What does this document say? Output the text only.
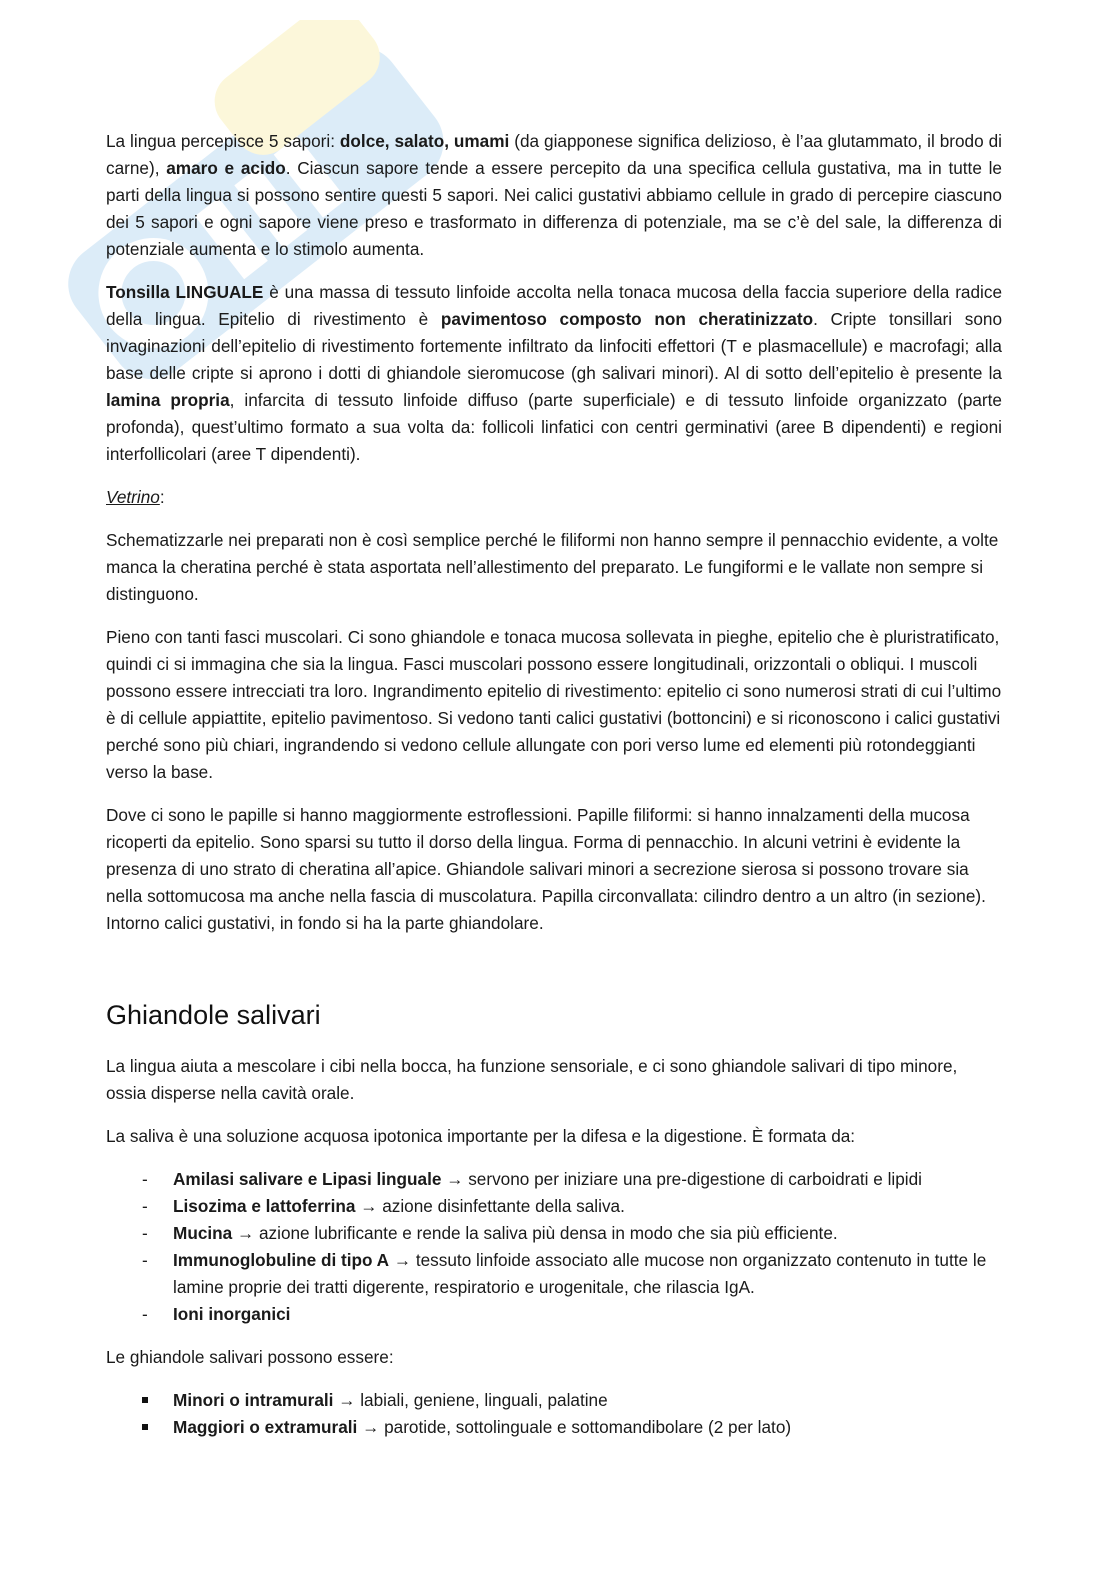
La lingua percepisce 5 sapori: dolce, salato, umami (da giapponese significa delizioso, è l’aa glutammato, il brodo di carne), amaro e acido. Ciascun sapore tende a essere percepito da una specifica cellula gustativa, ma in tutte le parti della lingua si possono sentire questi 5 sapori. Nei calici gustativi abbiamo cellule in grado di percepire ciascuno dei 5 sapori e ogni sapore viene preso e trasformato in differenza di potenziale, ma se c’è del sale, la differenza di potenziale aumenta e lo stimolo aumenta.

Tonsilla LINGUALE è una massa di tessuto linfoide accolta nella tonaca mucosa della faccia superiore della radice della lingua. Epitelio di rivestimento è pavimentoso composto non cheratinizzato. Cripte tonsillari sono invaginazioni dell’epitelio di rivestimento fortemente infiltrato da linfociti effettori (T e plasmacellule) e macrofagi; alla base delle cripte si aprono i dotti di ghiandole sieromucose (gh salivari minori). Al di sotto dell’epitelio è presente la lamina propria, infarcita di tessuto linfoide diffuso (parte superficiale) e di tessuto linfoide organizzato (parte profonda), quest’ultimo formato a sua volta da: follicoli linfatici con centri germinativi (aree B dipendenti) e regioni interfollicolari (aree T dipendenti).

Vetrino:

Schematizzarle nei preparati non è così semplice perché le filiformi non hanno sempre il pennacchio evidente, a volte manca la cheratina perché è stata asportata nell’allestimento del preparato. Le fungiformi e le vallate non sempre si distinguono.

Pieno con tanti fasci muscolari. Ci sono ghiandole e tonaca mucosa sollevata in pieghe, epitelio che è pluristratificato, quindi ci si immagina che sia la lingua. Fasci muscolari possono essere longitudinali, orizzontali o obliqui. I muscoli possono essere intrecciati tra loro. Ingrandimento epitelio di rivestimento: epitelio ci sono numerosi strati di cui l’ultimo è di cellule appiattite, epitelio pavimentoso. Si vedono tanti calici gustativi (bottoncini) e si riconoscono i calici gustativi perché sono più chiari, ingrandendo si vedono cellule allungate con pori verso lume ed elementi più rotondeggianti verso la base.

Dove ci sono le papille si hanno maggiormente estroflessioni. Papille filiformi: si hanno innalzamenti della mucosa ricoperti da epitelio. Sono sparsi su tutto il dorso della lingua. Forma di pennacchio. In alcuni vetrini è evidente la presenza di uno strato di cheratina all’apice. Ghiandole salivari minori a secrezione sierosa si possono trovare sia nella sottomucosa ma anche nella fascia di muscolatura. Papilla circonvallata: cilindro dentro a un altro (in sezione). Intorno calici gustativi, in fondo si ha la parte ghiandolare.

Ghiandole salivari

La lingua aiuta a mescolare i cibi nella bocca, ha funzione sensoriale, e ci sono ghiandole salivari di tipo minore, ossia disperse nella cavità orale.

La saliva è una soluzione acquosa ipotonica importante per la difesa e la digestione. È formata da:

- Amilasi salivare e Lipasi linguale → servono per iniziare una pre-digestione di carboidrati e lipidi
- Lisozima e lattoferrina → azione disinfettante della saliva.
- Mucina → azione lubrificante e rende la saliva più densa in modo che sia più efficiente.
- Immunoglobuline di tipo A → tessuto linfoide associato alle mucose non organizzato contenuto in tutte le lamine proprie dei tratti digerente, respiratorio e urogenitale, che rilascia IgA.
- Ioni inorganici

Le ghiandole salivari possono essere:

Minori o intramurali → labiali, geniene, linguali, palatine
Maggiori o extramurali → parotide, sottolinguale e sottomandibolare (2 per lato)
